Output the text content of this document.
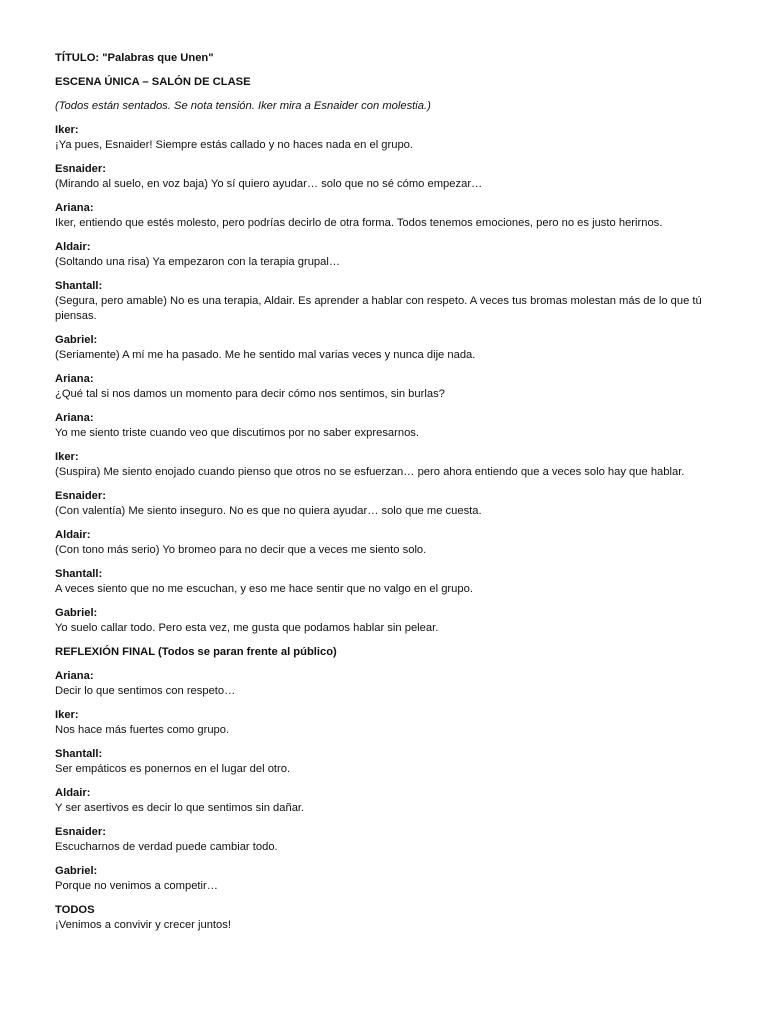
TÍTULO: "Palabras que Unen"
ESCENA ÚNICA – SALÓN DE CLASE
(Todos están sentados. Se nota tensión. Iker mira a Esnaider con molestia.)
Iker:
¡Ya pues, Esnaider! Siempre estás callado y no haces nada en el grupo.
Esnaider:
(Mirando al suelo, en voz baja) Yo sí quiero ayudar… solo que no sé cómo empezar…
Ariana:
Iker, entiendo que estés molesto, pero podrías decirlo de otra forma. Todos tenemos emociones, pero no es justo herirnos.
Aldair:
(Soltando una risa) Ya empezaron con la terapia grupal…
Shantall:
(Segura, pero amable) No es una terapia, Aldair. Es aprender a hablar con respeto. A veces tus bromas molestan más de lo que tú piensas.
Gabriel:
(Seriamente) A mí me ha pasado. Me he sentido mal varias veces y nunca dije nada.
Ariana:
¿Qué tal si nos damos un momento para decir cómo nos sentimos, sin burlas?
Ariana:
Yo me siento triste cuando veo que discutimos por no saber expresarnos.
Iker:
(Suspira) Me siento enojado cuando pienso que otros no se esfuerzan… pero ahora entiendo que a veces solo hay que hablar.
Esnaider:
(Con valentía) Me siento inseguro. No es que no quiera ayudar… solo que me cuesta.
Aldair:
(Con tono más serio) Yo bromeo para no decir que a veces me siento solo.
Shantall:
A veces siento que no me escuchan, y eso me hace sentir que no valgo en el grupo.
Gabriel:
Yo suelo callar todo. Pero esta vez, me gusta que podamos hablar sin pelear.
REFLEXIÓN FINAL (Todos se paran frente al público)
Ariana:
Decir lo que sentimos con respeto…
Iker:
Nos hace más fuertes como grupo.
Shantall:
Ser empáticos es ponernos en el lugar del otro.
Aldair:
Y ser asertivos es decir lo que sentimos sin dañar.
Esnaider:
Escucharnos de verdad puede cambiar todo.
Gabriel:
Porque no venimos a competir…
TODOS
¡Venimos a convivir y crecer juntos!
